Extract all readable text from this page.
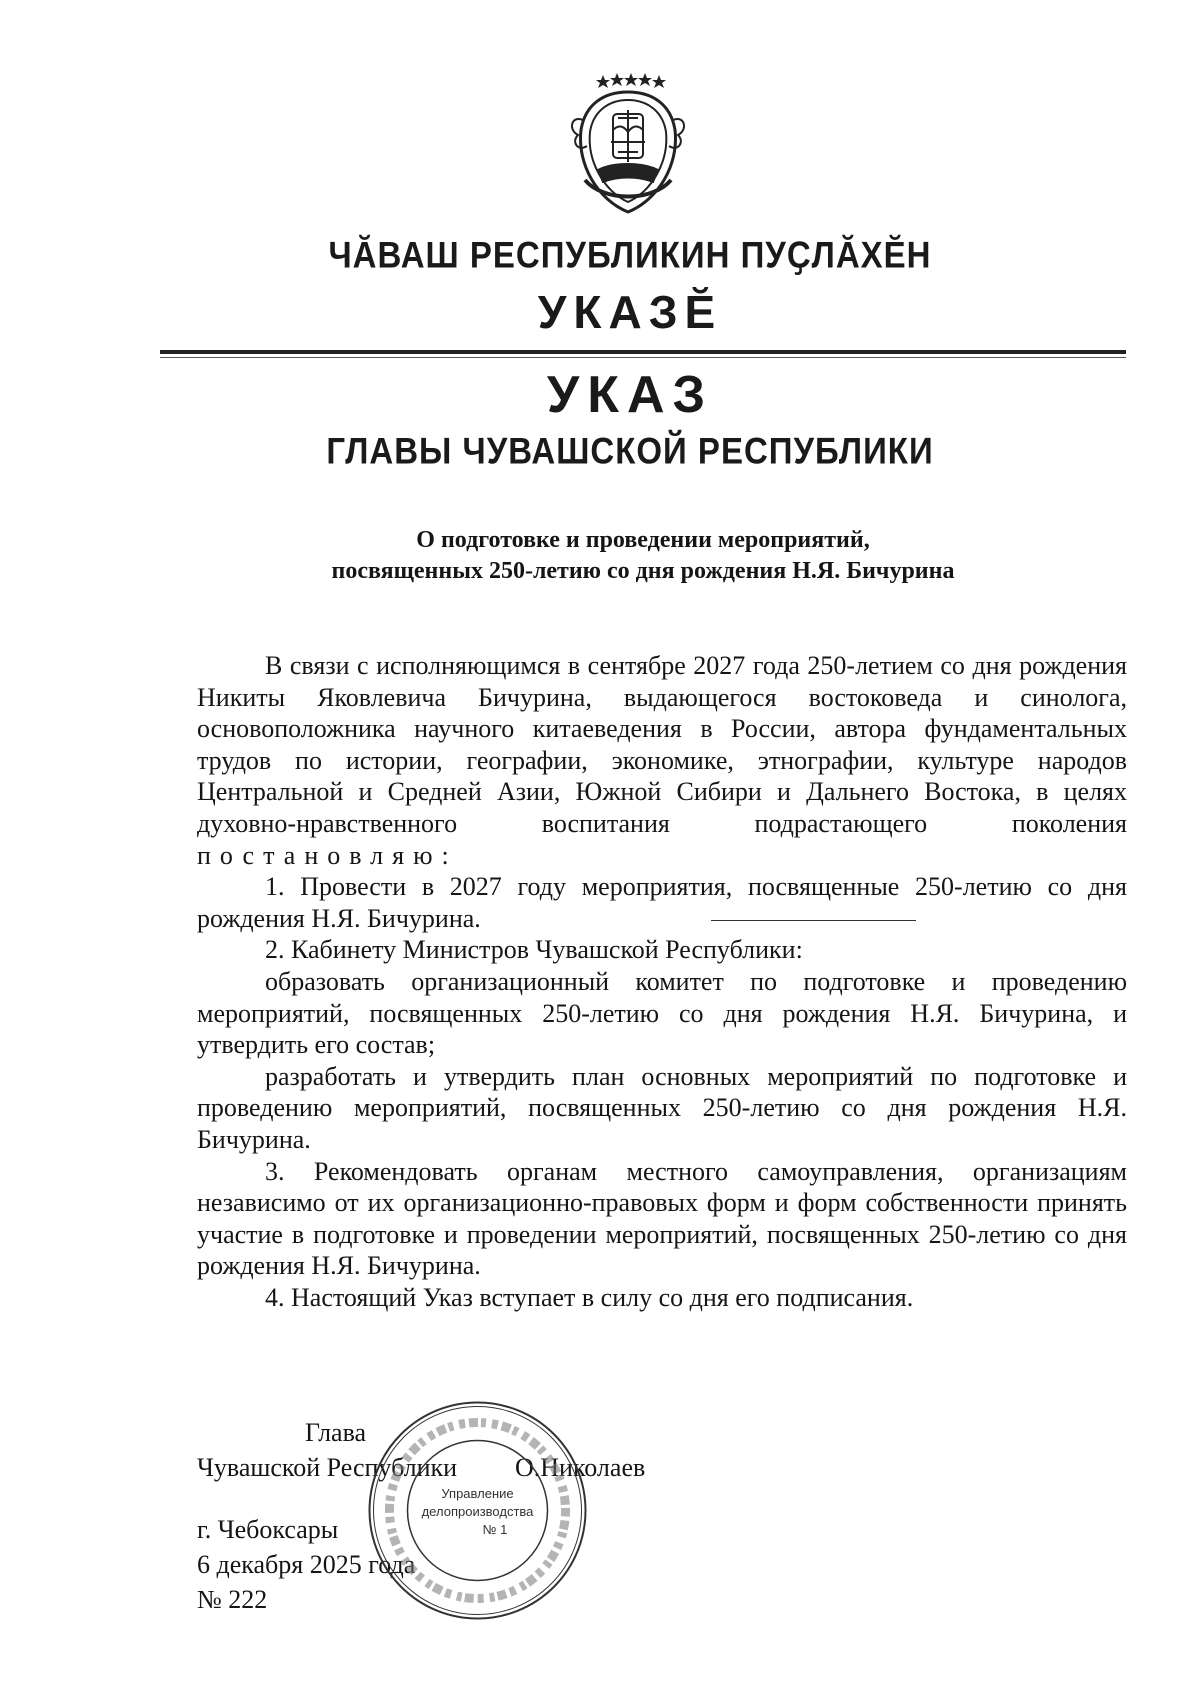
ЧӐВАШ РЕСПУБЛИКИН ПУҪЛӐХӖН
УКАЗӖ
УКАЗ
ГЛАВЫ ЧУВАШСКОЙ РЕСПУБЛИКИ
О подготовке и проведении мероприятий,
посвященных 250-летию со дня рождения Н.Я. Бичурина

В связи с исполняющимся в сентябре 2027 года 250-летием со дня рождения Никиты Яковлевича Бичурина, выдающегося востоковеда и синолога, основоположника научного китаеведения в России, автора фундаментальных трудов по истории, географии, экономике, этнографии, культуре народов Центральной и Средней Азии, Южной Сибири и Дальнего Востока, в целях духовно-нравственного воспитания подрастающего поколения постановляю:

1. Провести в 2027 году мероприятия, посвященные 250-летию со дня рождения Н.Я. Бичурина.

2. Кабинету Министров Чувашской Республики:

образовать организационный комитет по подготовке и проведению мероприятий, посвященных 250-летию со дня рождения Н.Я. Бичурина, и утвердить его состав;

разработать и утвердить план основных мероприятий по подготовке и проведению мероприятий, посвященных 250-летию со дня рождения Н.Я. Бичурина.

3. Рекомендовать органам местного самоуправления, организациям независимо от их организационно-правовых форм и форм собственности принять участие в подготовке и проведении мероприятий, посвященных 250-летию со дня рождения Н.Я. Бичурина.

4. Настоящий Указ вступает в силу со дня его подписания.

Глава
Чувашской Республики О.Николаев
г. Чебоксары
6 декабря 2025 года
№ 222
Управление
делопроизводства
№ 1
